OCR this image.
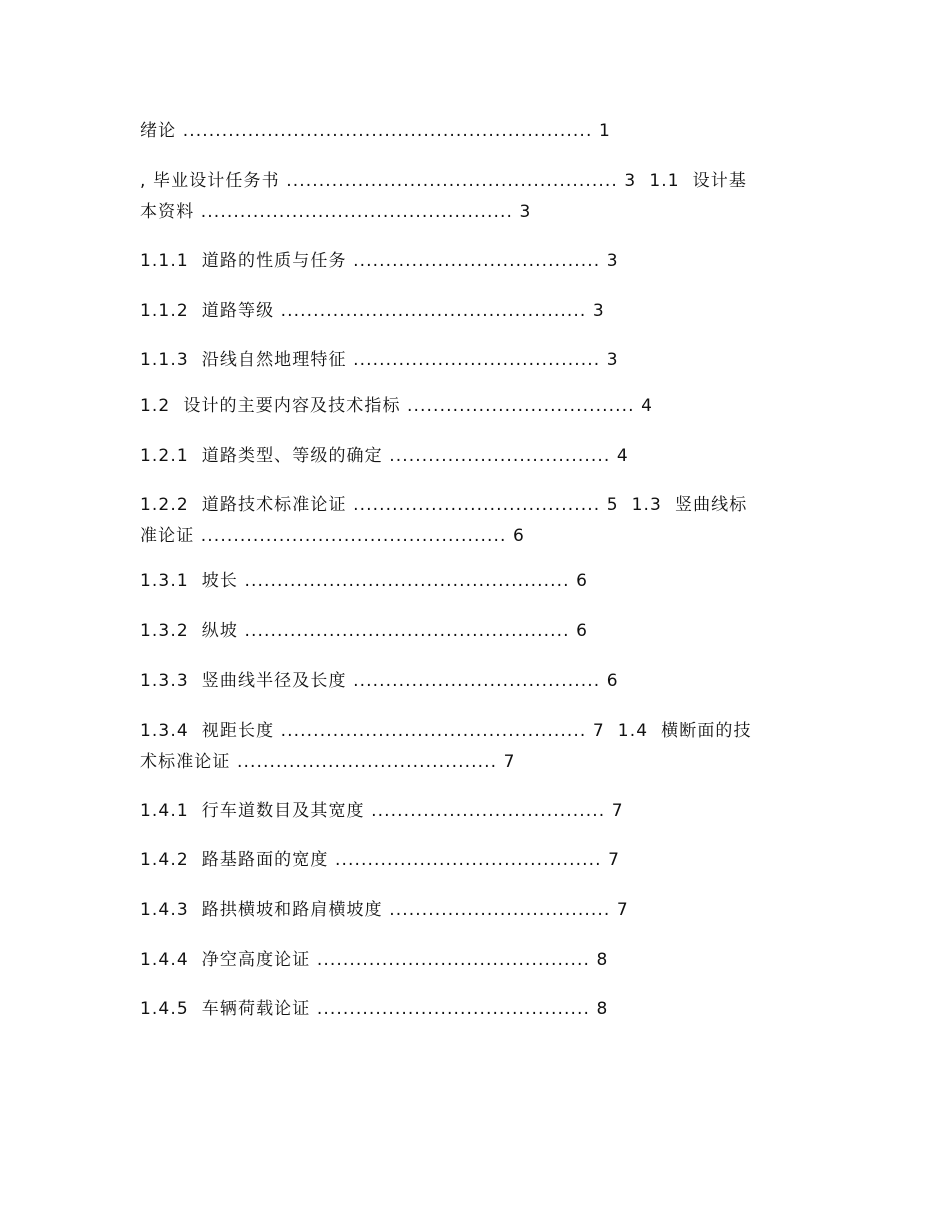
绪论 ............................................................... 1
, 毕业设计任务书 ................................................... 3  1.1  设计基
本资料 ................................................ 3
1.1.1  道路的性质与任务 ...................................... 3
1.1.2  道路等级 ............................................... 3
1.1.3  沿线自然地理特征 ...................................... 3
1.2  设计的主要内容及技术指标 ................................... 4
1.2.1  道路类型、等级的确定 .................................. 4
1.2.2  道路技术标准论证 ...................................... 5  1.3  竖曲线标
准论证 ............................................... 6
1.3.1  坡长 .................................................. 6
1.3.2  纵坡 .................................................. 6
1.3.3  竖曲线半径及长度 ...................................... 6
1.3.4  视距长度 ............................................... 7  1.4  横断面的技
术标准论证 ........................................ 7
1.4.1  行车道数目及其宽度 .................................... 7
1.4.2  路基路面的宽度 ......................................... 7
1.4.3  路拱横坡和路肩横坡度 .................................. 7
1.4.4  净空高度论证 .......................................... 8
1.4.5  车辆荷载论证 .......................................... 8
